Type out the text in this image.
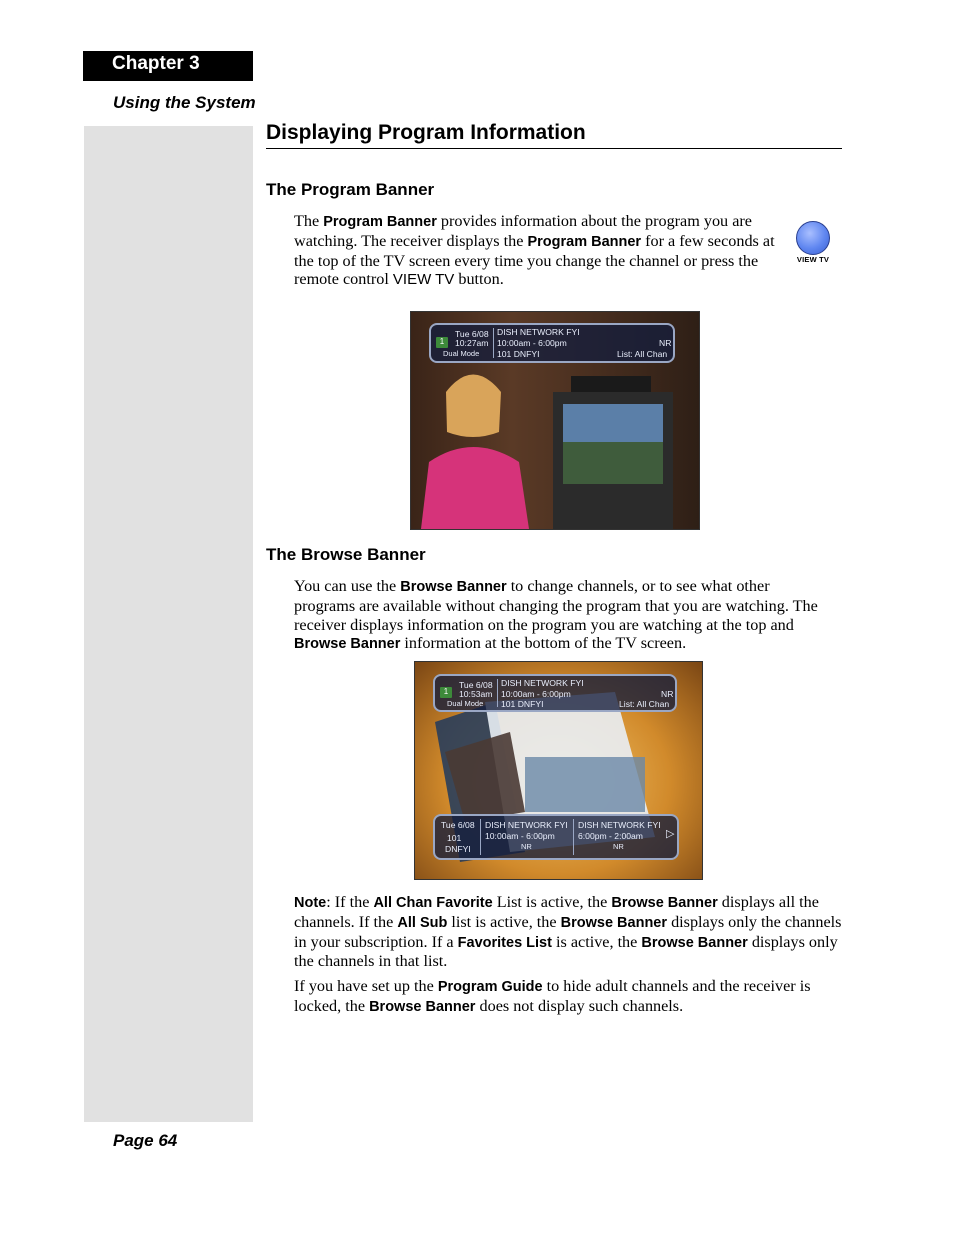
Chapter 3
Using the System
Page 64
Displaying Program Information
The Program Banner

The Program Banner provides information about the program you are watching. The receiver displays the Program Banner for a few seconds at the top of the TV screen every time you change the channel or press the remote control VIEW TV button.

VIEW TV
1
Tue 6/08
10:27am
Dual Mode
DISH NETWORK FYI
10:00am - 6:00pm
101 DNFYI
NR
List: All Chan
The Browse Banner

You can use the Browse Banner to change channels, or to see what other programs are available without changing the program that you are watching. The receiver displays information on the program you are watching at the top and Browse Banner information at the bottom of the TV screen.

1
Tue 6/08
10:53am
Dual Mode
DISH NETWORK FYI
10:00am - 6:00pm
101 DNFYI
NR
List: All Chan
Tue 6/08
101
DNFYI
DISH NETWORK FYI
10:00am - 6:00pm
NR
DISH NETWORK FYI
6:00pm - 2:00am
NR
▷

Note: If the All Chan Favorite List is active, the Browse Banner displays all the channels. If the All Sub list is active, the Browse Banner displays only the channels in your subscription. If a Favorites List is active, the Browse Banner displays only the channels in that list.

If you have set up the Program Guide to hide adult channels and the receiver is locked, the Browse Banner does not display such channels.
